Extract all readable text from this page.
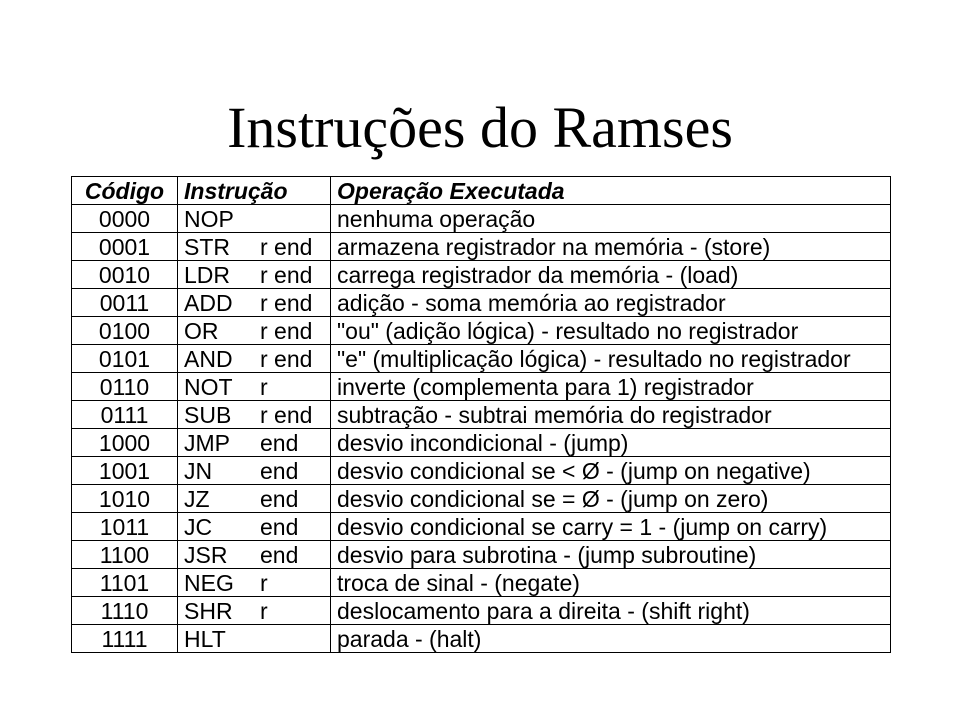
Instruções do Ramses
Código	Instrução	Operação Executada
0000	NOP	nenhuma operação
0001	STR r end	armazena registrador na memória - (store)
0010	LDR r end	carrega registrador da memória - (load)
0011	ADD r end	adição - soma memória ao registrador
0100	OR r end	"ou" (adição lógica) - resultado no registrador
0101	AND r end	"e" (multiplicação lógica) - resultado no registrador
0110	NOT r	inverte (complementa para 1) registrador
0111	SUB r end	subtração - subtrai memória do registrador
1000	JMP end	desvio incondicional - (jump)
1001	JN end	desvio condicional se < Ø - (jump on negative)
1010	JZ end	desvio condicional se = Ø - (jump on zero)
1011	JC end	desvio condicional se carry = 1 - (jump on carry)
1100	JSR end	desvio para subrotina - (jump subroutine)
1101	NEG r	troca de sinal - (negate)
1110	SHR r	deslocamento para a direita - (shift right)
1111	HLT	parada - (halt)
